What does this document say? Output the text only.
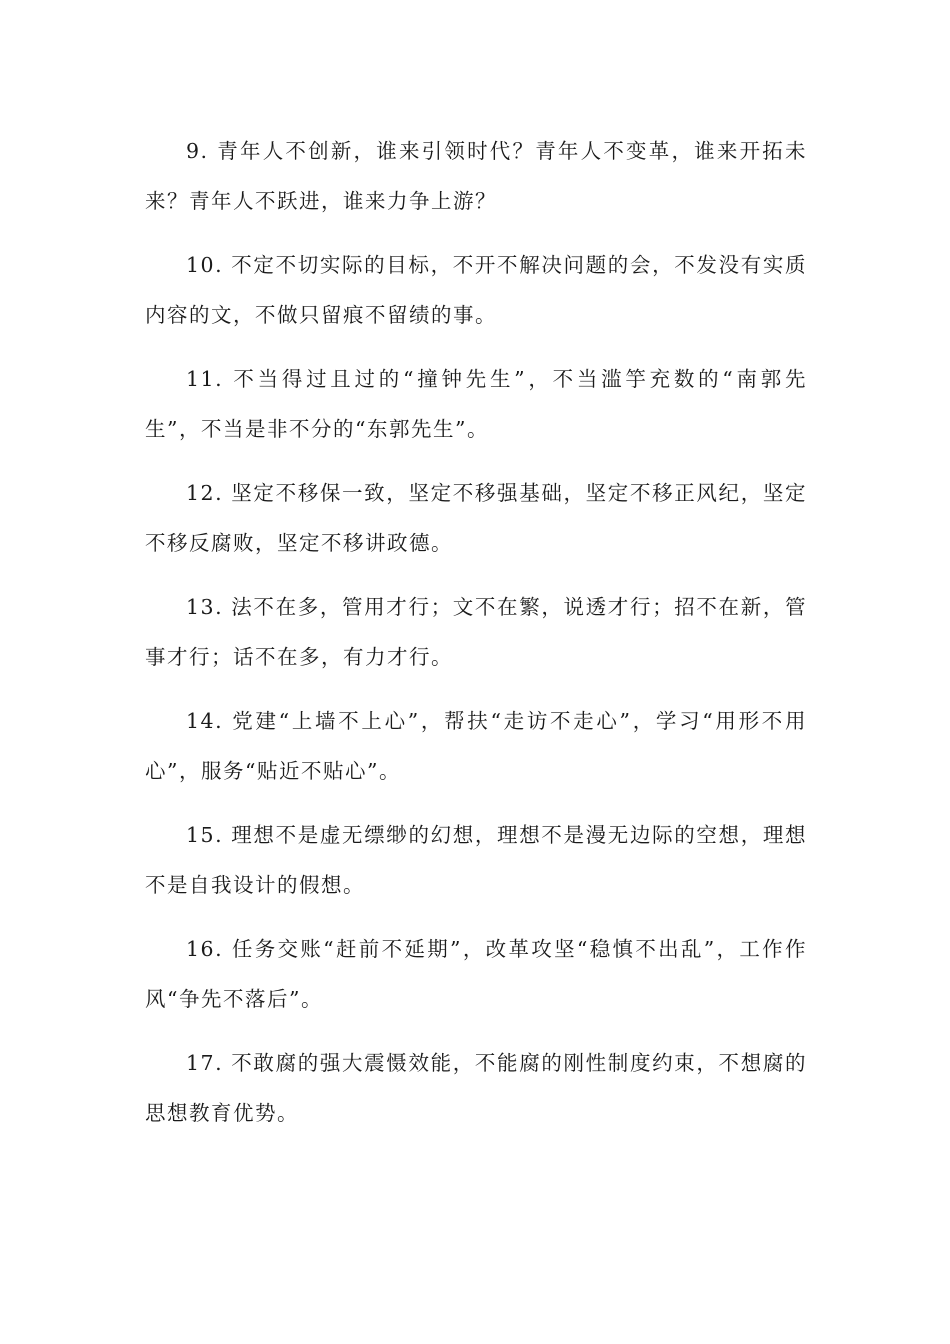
9. 青年人不创新，谁来引领时代？青年人不变革，谁来开拓未来？青年人不跃进，谁来力争上游？

10. 不定不切实际的目标，不开不解决问题的会，不发没有实质内容的文，不做只留痕不留绩的事。

11. 不当得过且过的“撞钟先生”，不当滥竽充数的“南郭先生”，不当是非不分的“东郭先生”。

12. 坚定不移保一致，坚定不移强基础，坚定不移正风纪，坚定不移反腐败，坚定不移讲政德。

13. 法不在多，管用才行；文不在繁，说透才行；招不在新，管事才行；话不在多，有力才行。

14. 党建“上墙不上心”，帮扶“走访不走心”，学习“用形不用心”，服务“贴近不贴心”。

15. 理想不是虚无缥缈的幻想，理想不是漫无边际的空想，理想不是自我设计的假想。

16. 任务交账“赶前不延期”，改革攻坚“稳慎不出乱”，工作作风“争先不落后”。

17. 不敢腐的强大震慑效能，不能腐的刚性制度约束，不想腐的思想教育优势。
